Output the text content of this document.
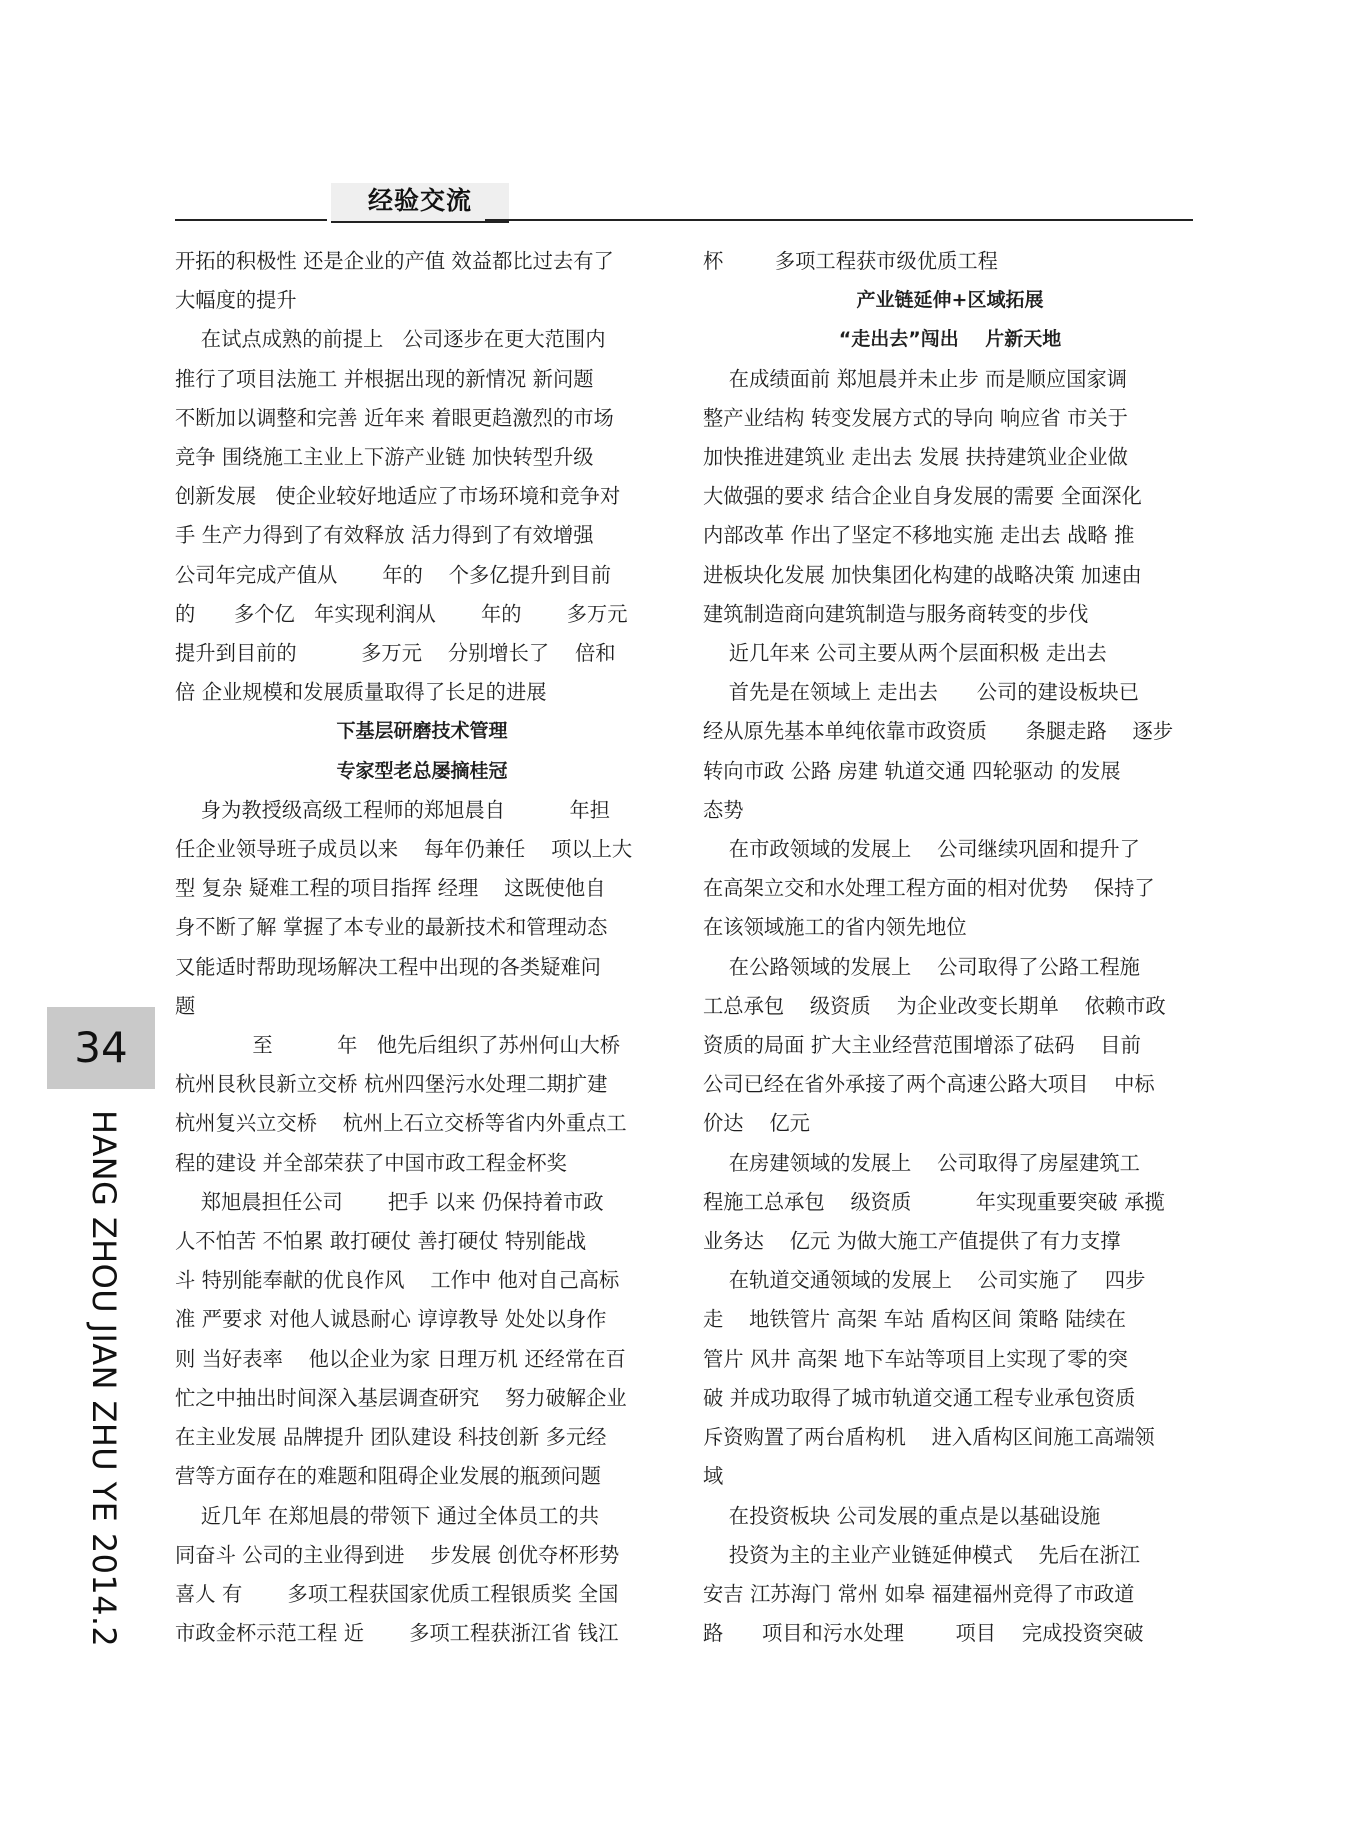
经验交流

开拓的积极性 还是企业的产值 效益都比过去有了

大幅度的提升

在试点成熟的前提上   公司逐步在更大范围内

推行了项目法施工 并根据出现的新情况 新问题

不断加以调整和完善 近年来 着眼更趋激烈的市场

竞争 围绕施工主业上下游产业链 加快转型升级

创新发展   使企业较好地适应了市场环境和竞争对

手 生产力得到了有效释放 活力得到了有效增强

公司年完成产值从       年的    个多亿提升到目前

的      多个亿   年实现利润从       年的       多万元

提升到目前的          多万元    分别增长了    倍和

倍 企业规模和发展质量取得了长足的进展

下基层研磨技术管理

专家型老总屡摘桂冠

身为教授级高级工程师的郑旭晨自          年担

任企业领导班子成员以来    每年仍兼任    项以上大

型 复杂 疑难工程的项目指挥 经理    这既使他自

身不断了解 掌握了本专业的最新技术和管理动态

又能适时帮助现场解决工程中出现的各类疑难问

题

至          年   他先后组织了苏州何山大桥

杭州艮秋艮新立交桥 杭州四堡污水处理二期扩建

杭州复兴立交桥    杭州上石立交桥等省内外重点工

程的建设 并全部荣获了中国市政工程金杯奖

郑旭晨担任公司       把手 以来 仍保持着市政

人不怕苦 不怕累 敢打硬仗 善打硬仗 特别能战

斗 特别能奉献的优良作风    工作中 他对自己高标

准 严要求 对他人诚恳耐心 谆谆教导 处处以身作

则 当好表率    他以企业为家 日理万机 还经常在百

忙之中抽出时间深入基层调查研究    努力破解企业

在主业发展 品牌提升 团队建设 科技创新 多元经

营等方面存在的难题和阻碍企业发展的瓶颈问题

近几年 在郑旭晨的带领下 通过全体员工的共

同奋斗 公司的主业得到进    步发展 创优夺杯形势

喜人 有       多项工程获国家优质工程银质奖 全国

市政金杯示范工程 近       多项工程获浙江省 钱江

杯        多项工程获市级优质工程

产业链延伸+区域拓展

“走出去”闯出    片新天地

在成绩面前 郑旭晨并未止步 而是顺应国家调

整产业结构 转变发展方式的导向 响应省 市关于

加快推进建筑业 走出去 发展 扶持建筑业企业做

大做强的要求 结合企业自身发展的需要 全面深化

内部改革 作出了坚定不移地实施 走出去 战略 推

进板块化发展 加快集团化构建的战略决策 加速由

建筑制造商向建筑制造与服务商转变的步伐

近几年来 公司主要从两个层面积极 走出去

首先是在领域上 走出去      公司的建设板块已

经从原先基本单纯依靠市政资质      条腿走路    逐步

转向市政 公路 房建 轨道交通 四轮驱动 的发展

态势

在市政领域的发展上    公司继续巩固和提升了

在高架立交和水处理工程方面的相对优势    保持了

在该领域施工的省内领先地位

在公路领域的发展上    公司取得了公路工程施

工总承包    级资质    为企业改变长期单    依赖市政

资质的局面 扩大主业经营范围增添了砝码    目前

公司已经在省外承接了两个高速公路大项目    中标

价达    亿元

在房建领域的发展上    公司取得了房屋建筑工

程施工总承包    级资质          年实现重要突破 承揽

业务达    亿元 为做大施工产值提供了有力支撑

在轨道交通领域的发展上    公司实施了    四步

走    地铁管片 高架 车站 盾构区间 策略 陆续在

管片 风井 高架 地下车站等项目上实现了零的突

破 并成功取得了城市轨道交通工程专业承包资质

斥资购置了两台盾构机    进入盾构区间施工高端领

域

在投资板块 公司发展的重点是以基础设施

投资为主的主业产业链延伸模式    先后在浙江

安吉 江苏海门 常州 如皋 福建福州竞得了市政道

路      项目和污水处理        项目    完成投资突破

34
HANG ZHOU JIAN ZHU YE 2014.2
